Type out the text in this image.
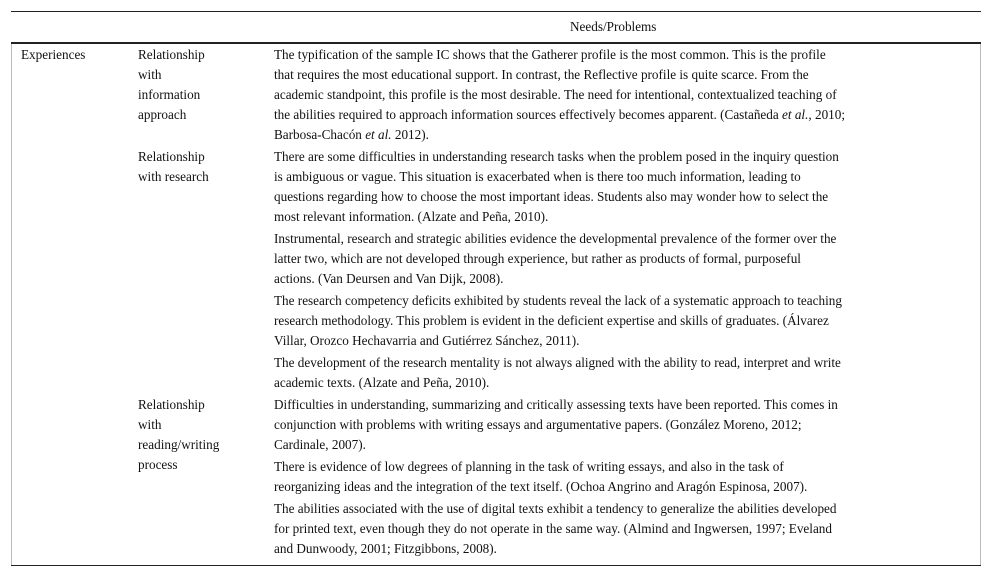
Needs/Problems
Experiences	Relationship
with
information
approach
The typification of the sample IC shows that the Gatherer profile is the most common. This is the profile
that requires the most educational support. In contrast, the Reflective profile is quite scarce. From the
academic standpoint, this profile is the most desirable. The need for intentional, contextualized teaching of
the abilities required to approach information sources effectively becomes apparent. (Castañeda et al., 2010;
Barbosa-Chacón et al. 2012).
Relationship
with research
There are some difficulties in understanding research tasks when the problem posed in the inquiry question
is ambiguous or vague. This situation is exacerbated when is there too much information, leading to
questions regarding how to choose the most important ideas. Students also may wonder how to select the
most relevant information. (Alzate and Peña, 2010).
Instrumental, research and strategic abilities evidence the developmental prevalence of the former over the
latter two, which are not developed through experience, but rather as products of formal, purposeful
actions. (Van Deursen and Van Dijk, 2008).
The research competency deficits exhibited by students reveal the lack of a systematic approach to teaching
research methodology. This problem is evident in the deficient expertise and skills of graduates. (Álvarez
Villar, Orozco Hechavarria and Gutiérrez Sánchez, 2011).
The development of the research mentality is not always aligned with the ability to read, interpret and write
academic texts. (Alzate and Peña, 2010).
Relationship
with
reading/writing
process
Difficulties in understanding, summarizing and critically assessing texts have been reported. This comes in
conjunction with problems with writing essays and argumentative papers. (González Moreno, 2012;
Cardinale, 2007).
There is evidence of low degrees of planning in the task of writing essays, and also in the task of
reorganizing ideas and the integration of the text itself. (Ochoa Angrino and Aragón Espinosa, 2007).
The abilities associated with the use of digital texts exhibit a tendency to generalize the abilities developed
for printed text, even though they do not operate in the same way. (Almind and Ingwersen, 1997; Eveland
and Dunwoody, 2001; Fitzgibbons, 2008).
